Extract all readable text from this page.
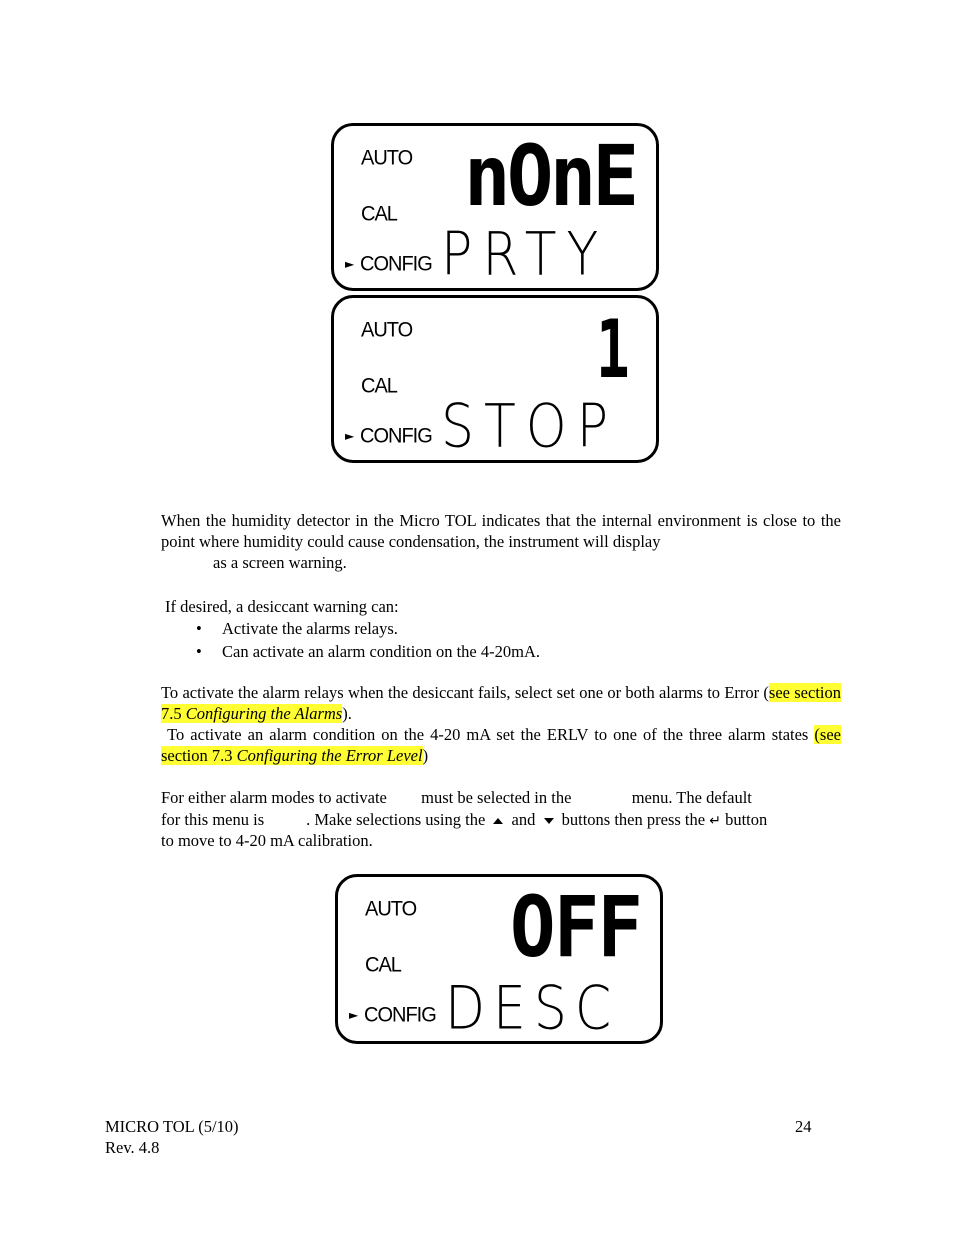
AUTO
CAL
► CONFIG
nOnE
PRTY
AUTO
CAL
► CONFIG
1
STOP
When the humidity detector in the Micro TOL indicates that the internal environment is close to the point where humidity could cause condensation, the instrument will display
as a screen warning.
If desired, a desiccant warning can:
• Activate the alarms relays.
• Can activate an alarm condition on the 4-20mA.
To activate the alarm relays when the desiccant fails, select set one or both alarms to Error (see section 7.5 Configuring the Alarms).
To activate an alarm condition on the 4-20 mA set the ERLV to one of the three alarm states (see section 7.3 Configuring the Error Level)
For either alarm modes to activate must be selected in the	menu. The default
for this menu is	. Make selections using the and buttons then press the ↵ button
to move to 4-20 mA calibration.
AUTO
CAL
► CONFIG
OFF
DESC
MICRO TOL (5/10)
Rev. 4.8
24
